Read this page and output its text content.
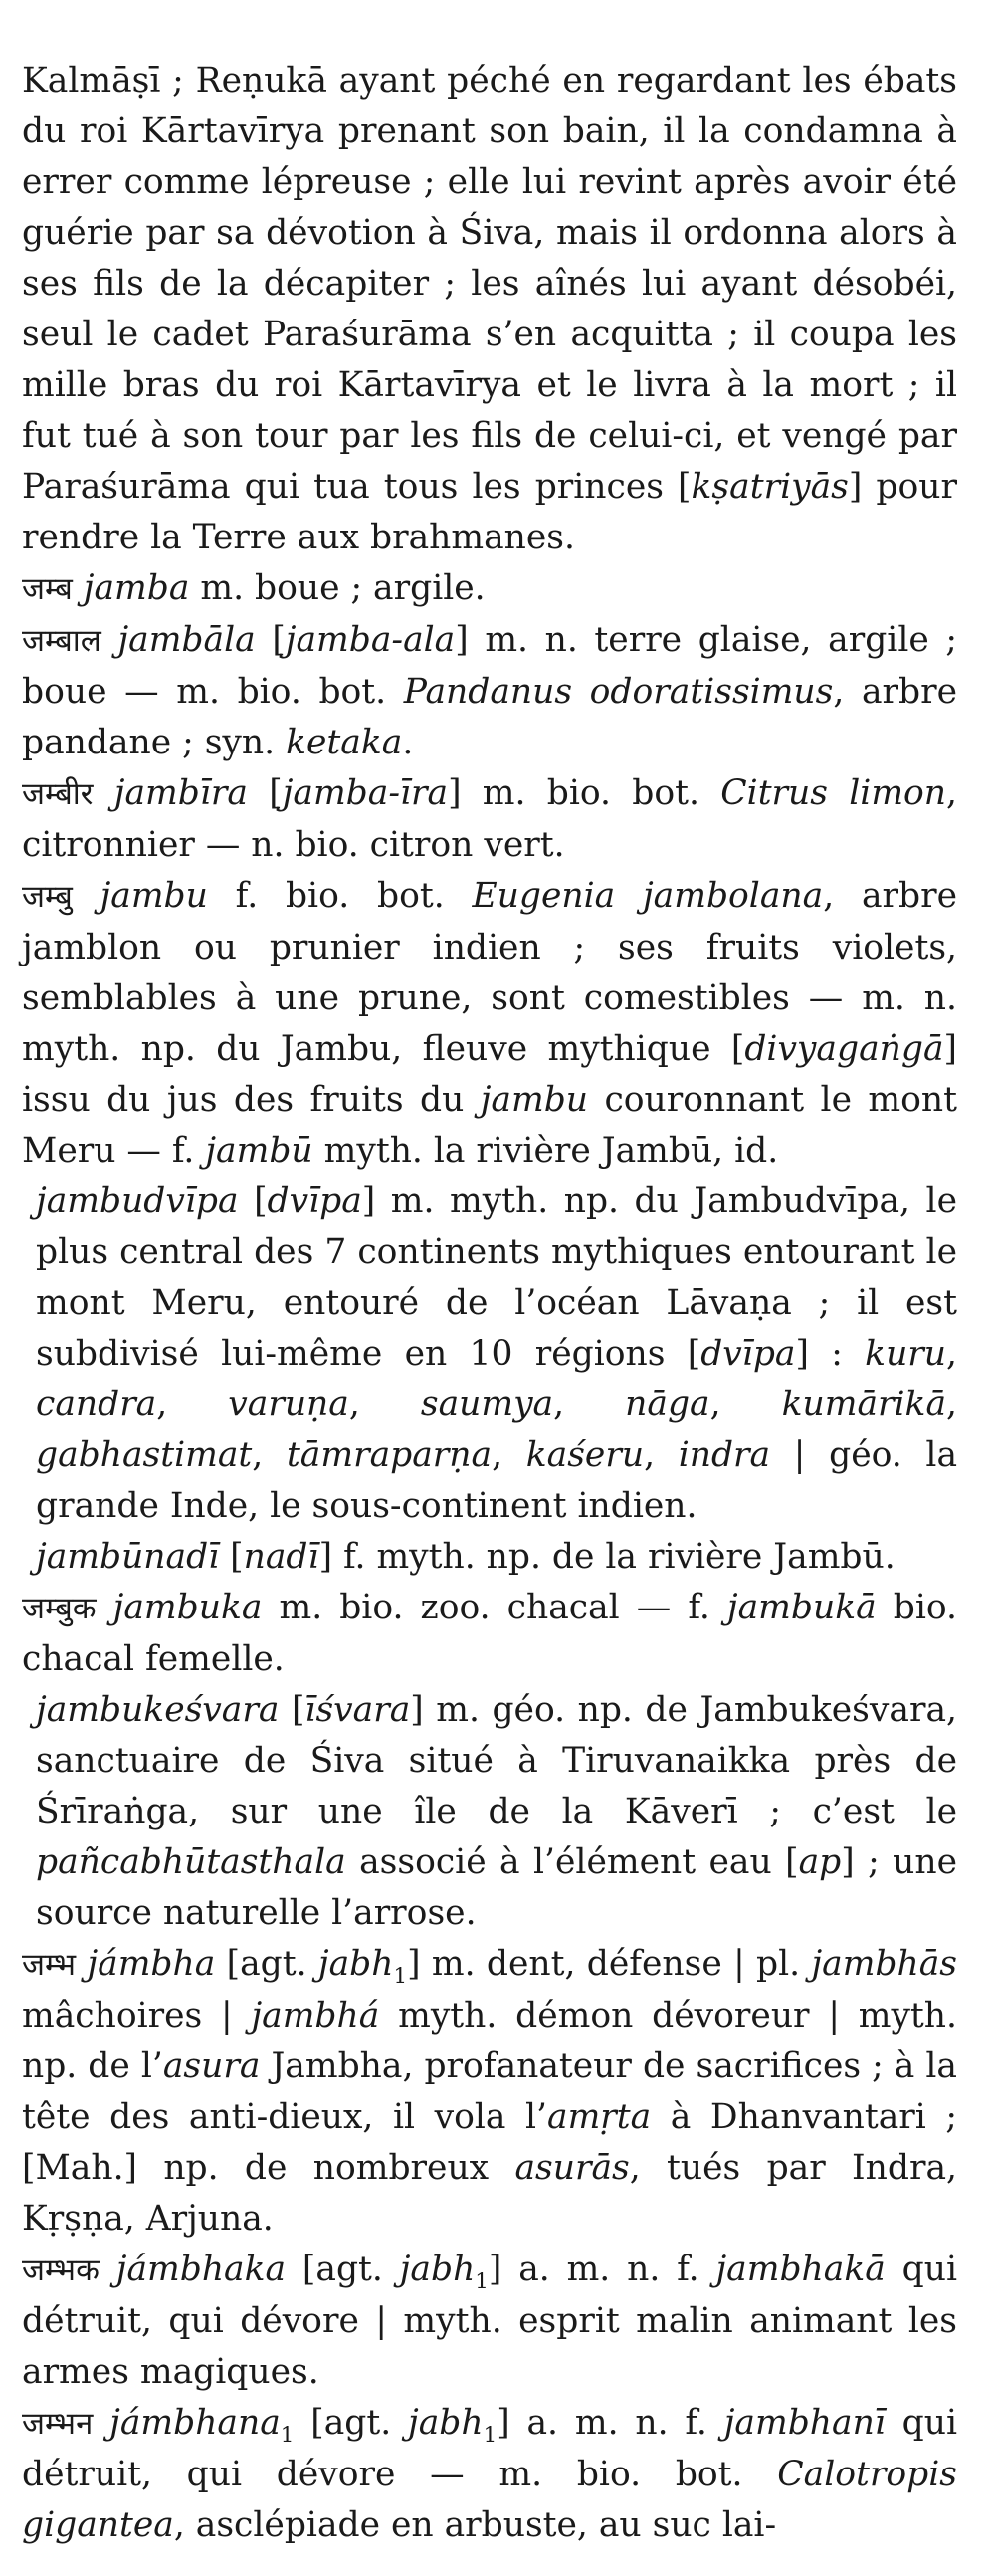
Kalmāṣī ; Reṇukā ayant péché en regardant les ébats du roi Kārtavīrya prenant son bain, il la condamna à errer comme lépreuse ; elle lui revint après avoir été guérie par sa dévotion à Śiva, mais il ordonna alors à ses fils de la décapiter ; les aînés lui ayant désobéi, seul le cadet Paraśurāma s’en acquitta ; il coupa les mille bras du roi Kārtavīrya et le livra à la mort ; il fut tué à son tour par les fils de celui-ci, et vengé par Paraśurāma qui tua tous les princes [kṣatriyās] pour rendre la Terre aux brahmanes.

जम्ब jamba m. boue ; argile.

जम्बाल jambāla [jamba-ala] m. n. terre glaise, argile ; boue — m. bio. bot. Pandanus odoratissimus, arbre pandane ; syn. ketaka.

जम्बीर jambīra [jamba-īra] m. bio. bot. Citrus limon, citronnier — n. bio. citron vert.

जम्बु jambu f. bio. bot. Eugenia jambolana, arbre jamblon ou prunier indien ; ses fruits violets, semblables à une prune, sont comestibles — m. n. myth. np. du Jambu, fleuve mythique [divyagaṅgā] issu du jus des fruits du jambu couronnant le mont Meru — f. jambū myth. la rivière Jambū, id.

jambudvīpa [dvīpa] m. myth. np. du Jambudvīpa, le plus central des 7 continents mythiques entourant le mont Meru, entouré de l’océan Lāvaṇa ; il est subdivisé lui-même en 10 régions [dvīpa] : kuru, candra, varuṇa, saumya, nāga, kumārikā, gabhastimat, tāmraparṇa, kaśeru, indra | géo. la grande Inde, le sous-continent indien.

jambūnadī [nadī] f. myth. np. de la rivière Jambū.

जम्बुक jambuka m. bio. zoo. chacal — f. jambukā bio. chacal femelle.

jambukeśvara [īśvara] m. géo. np. de Jambukeśvara, sanctuaire de Śiva situé à Tiruvanaikka près de Śrīraṅga, sur une île de la Kāverī ; c’est le pañcabhūtasthala associé à l’élément eau [ap] ; une source naturelle l’arrose.

जम्भ jámbha [agt. jabh$_1$] m. dent, défense | pl. jambhās mâchoires | jambhá myth. démon dévoreur | myth. np. de l’asura Jambha, profanateur de sacrifices ; à la tête des anti-dieux, il vola l’amṛta à Dhanvantari ; [Mah.] np. de nombreux asurās, tués par Indra, Kṛṣṇa, Arjuna.

जम्भक jámbhaka [agt. jabh$_1$] a. m. n. f. jambhakā qui détruit, qui dévore | myth. esprit malin animant les armes magiques.

जम्भन jámbhana$_1$ [agt. jabh$_1$] a. m. n. f. jambhanī qui détruit, qui dévore — m. bio. bot. Calotropis gigantea, asclépiade en arbuste, au suc lai-
